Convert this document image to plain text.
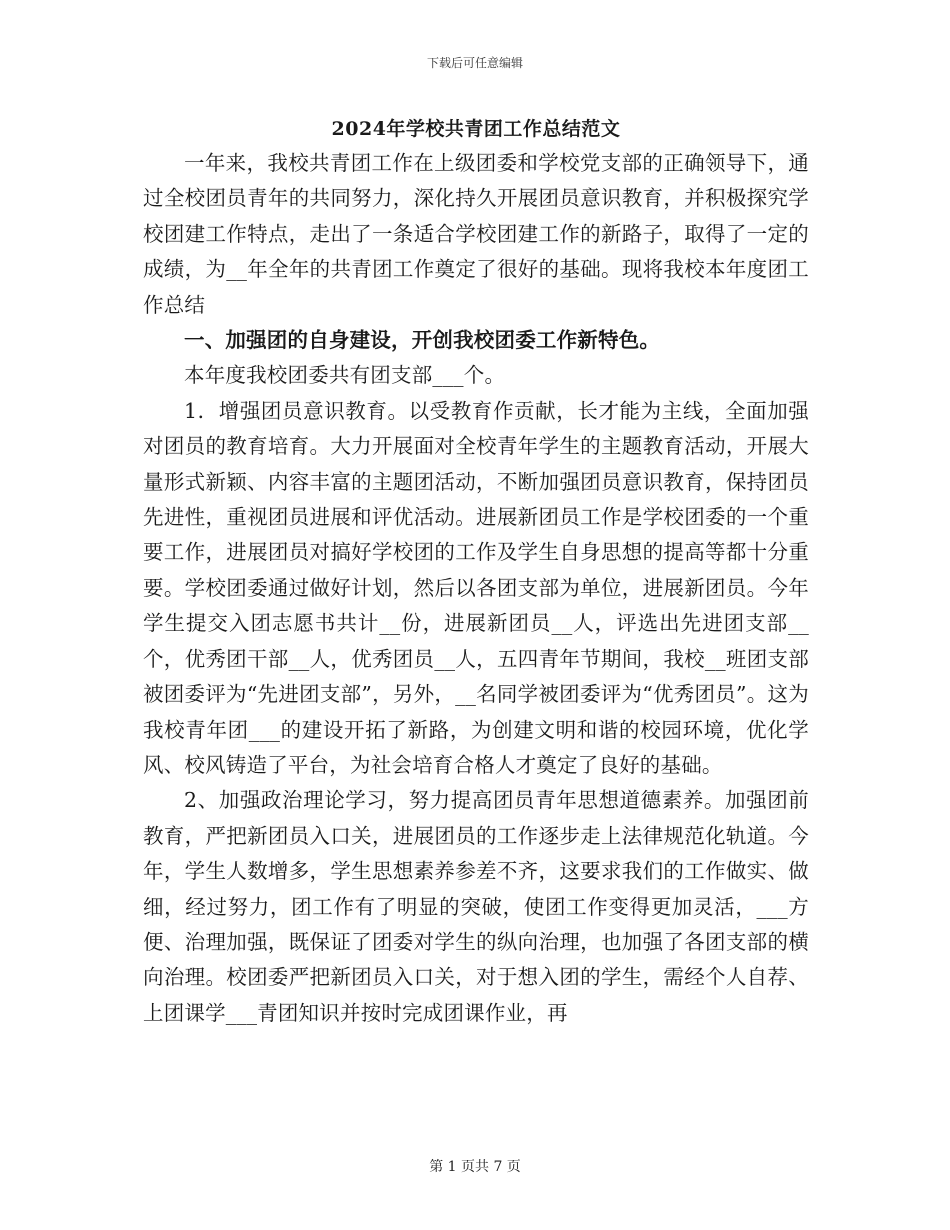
下载后可任意编辑
2024年学校共青团工作总结范文

一年来，我校共青团工作在上级团委和学校党支部的正确领导下，通过全校团员青年的共同努力，深化持久开展团员意识教育，并积极探究学校团建工作特点，走出了一条适合学校团建工作的新路子，取得了一定的成绩，为__年全年的共青团工作奠定了很好的基础。现将我校本年度团工作总结

一、加强团的自身建设，开创我校团委工作新特色。

本年度我校团委共有团支部___个。

1．增强团员意识教育。以受教育作贡献，长才能为主线，全面加强对团员的教育培育。大力开展面对全校青年学生的主题教育活动，开展大量形式新颖、内容丰富的主题团活动，不断加强团员意识教育，保持团员先进性，重视团员进展和评优活动。进展新团员工作是学校团委的一个重要工作，进展团员对搞好学校团的工作及学生自身思想的提高等都十分重要。学校团委通过做好计划，然后以各团支部为单位，进展新团员。今年学生提交入团志愿书共计__份，进展新团员__人，评选出先进团支部__个，优秀团干部__人，优秀团员__人，五四青年节期间，我校__班团支部被团委评为“先进团支部”，另外，__名同学被团委评为“优秀团员”。这为我校青年团___的建设开拓了新路，为创建文明和谐的校园环境，优化学风、校风铸造了平台，为社会培育合格人才奠定了良好的基础。

2、加强政治理论学习，努力提高团员青年思想道德素养。加强团前教育，严把新团员入口关，进展团员的工作逐步走上法律规范化轨道。今年，学生人数增多，学生思想素养参差不齐，这要求我们的工作做实、做细，经过努力，团工作有了明显的突破，使团工作变得更加灵活，___方便、治理加强，既保证了团委对学生的纵向治理，也加强了各团支部的横向治理。校团委严把新团员入口关，对于想入团的学生，需经个人自荐、上团课学___青团知识并按时完成团课作业，再

第 1 页共 7 页
